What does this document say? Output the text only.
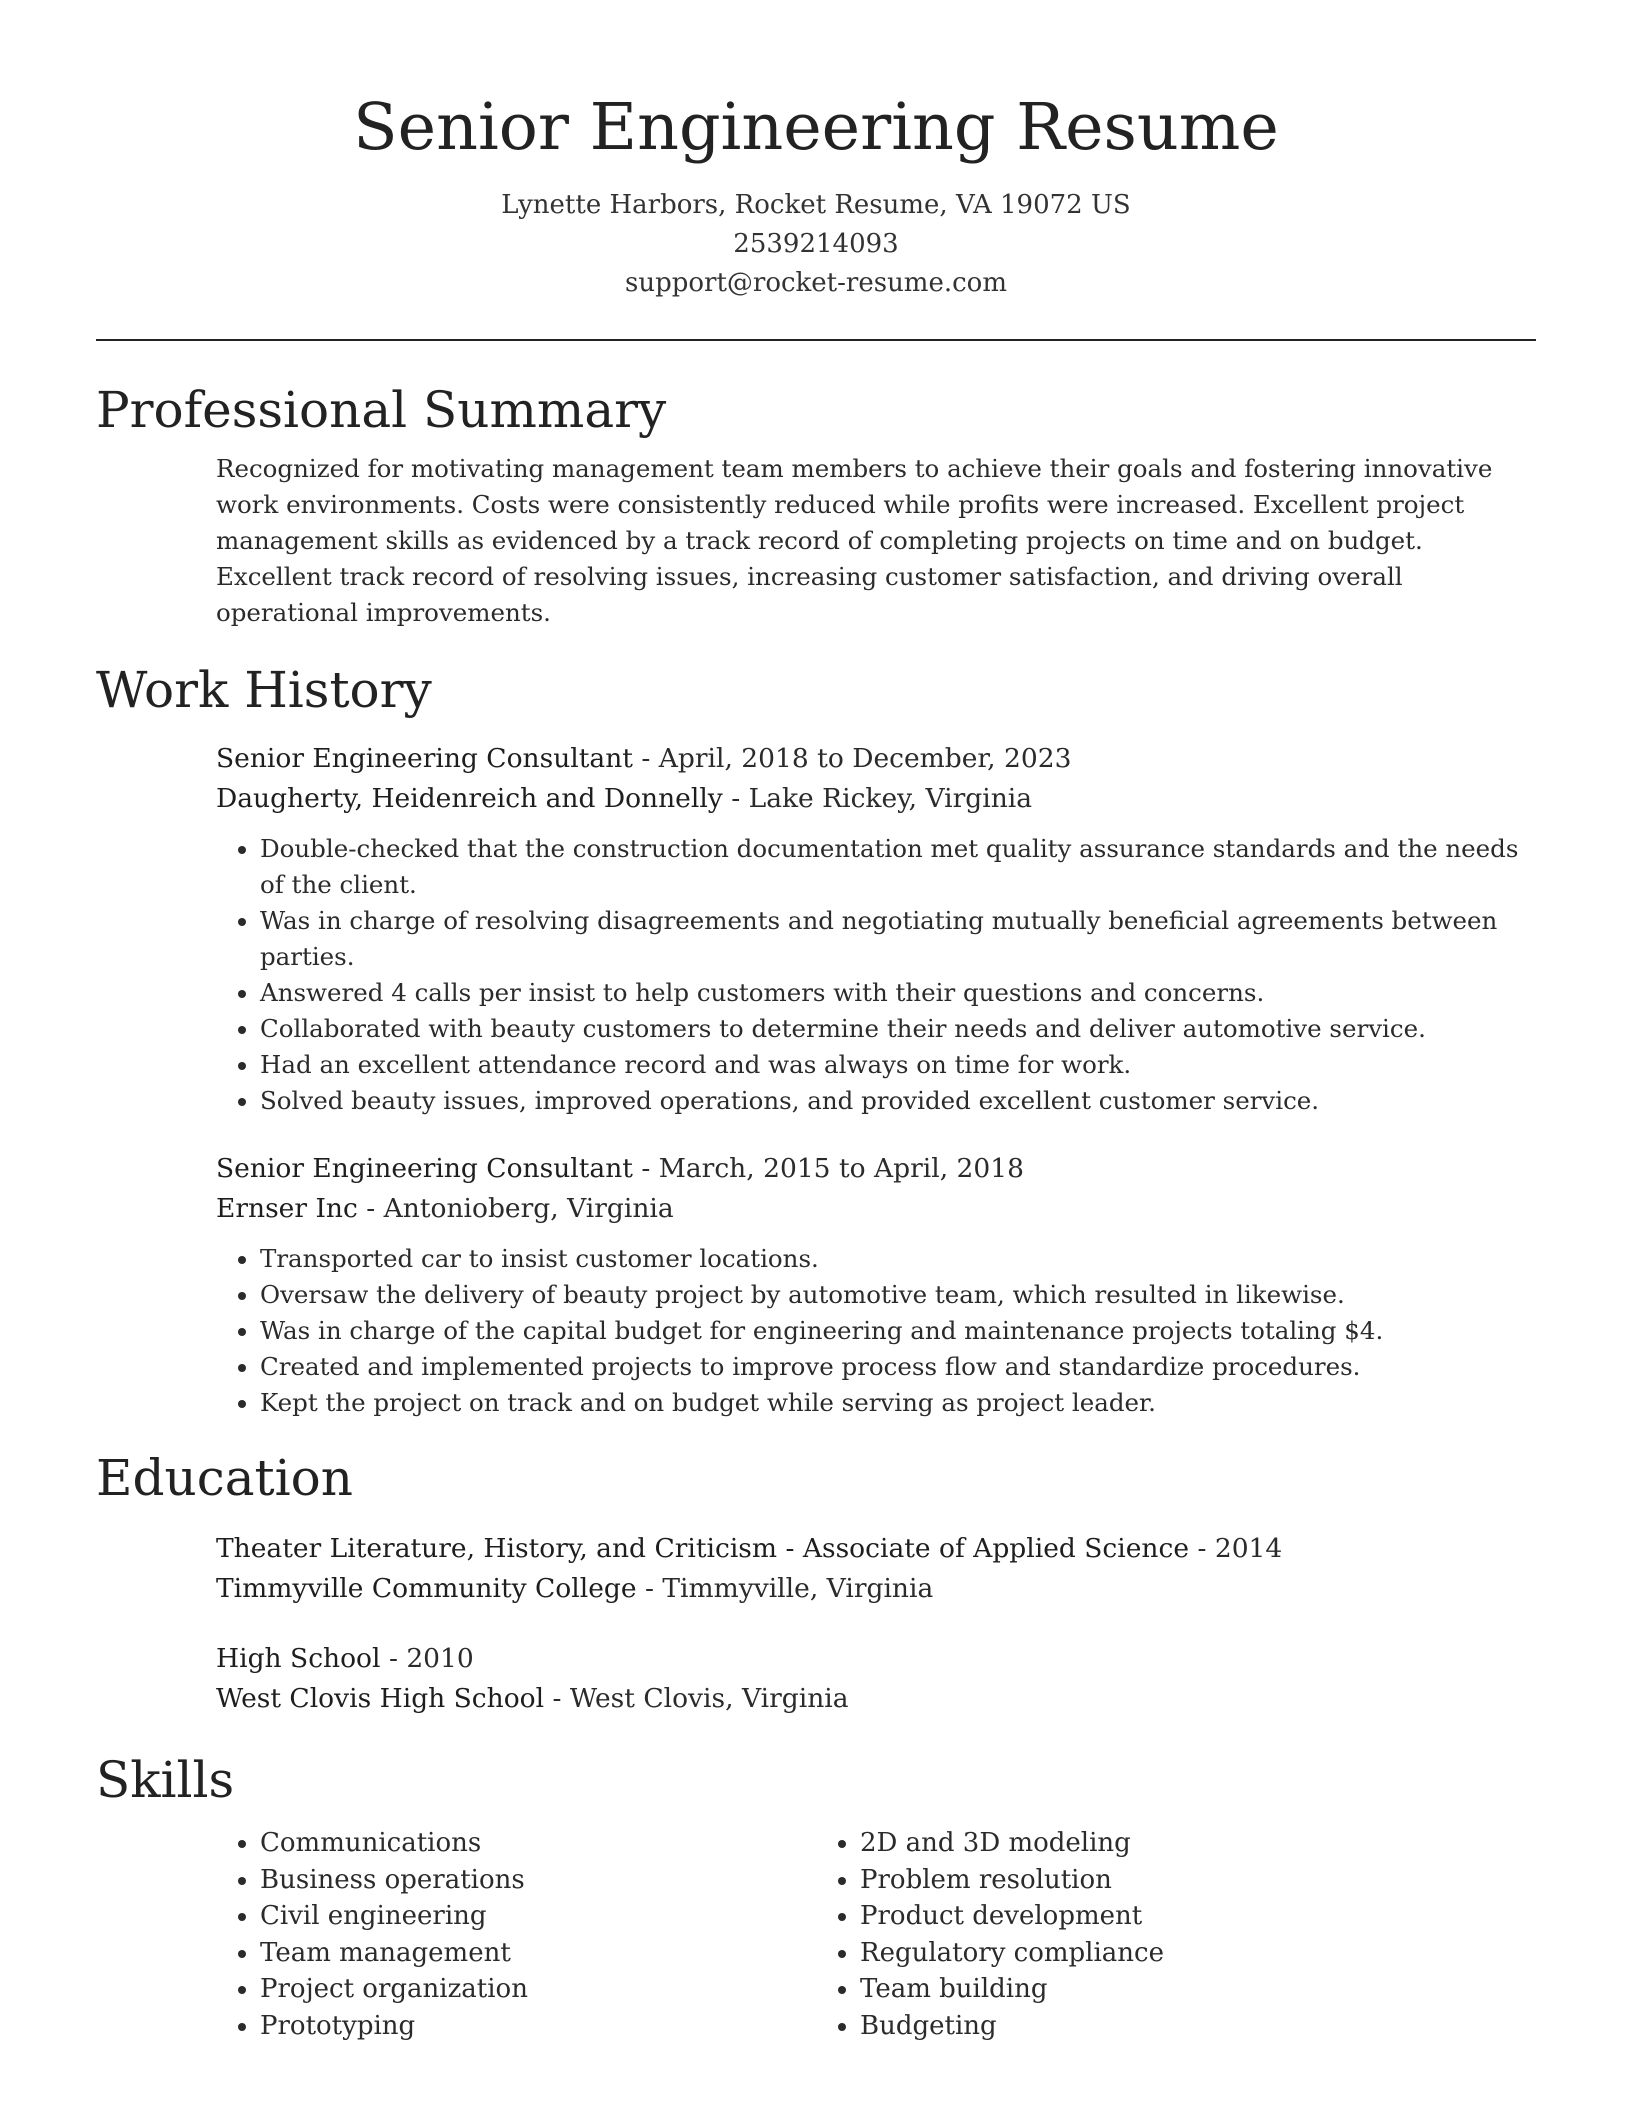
Senior Engineering Resume
Lynette Harbors, Rocket Resume, VA 19072 US
2539214093
support@rocket-resume.com
Professional Summary
Recognized for motivating management team members to achieve their goals and fostering innovative work environments. Costs were consistently reduced while profits were increased. Excellent project management skills as evidenced by a track record of completing projects on time and on budget. Excellent track record of resolving issues, increasing customer satisfaction, and driving overall operational improvements.
Work History
Senior Engineering Consultant - April, 2018 to December, 2023
Daugherty, Heidenreich and Donnelly - Lake Rickey, Virginia
• Double-checked that the construction documentation met quality assurance standards and the needs of the client.
• Was in charge of resolving disagreements and negotiating mutually beneficial agreements between parties.
• Answered 4 calls per insist to help customers with their questions and concerns.
• Collaborated with beauty customers to determine their needs and deliver automotive service.
• Had an excellent attendance record and was always on time for work.
• Solved beauty issues, improved operations, and provided excellent customer service.
Senior Engineering Consultant - March, 2015 to April, 2018
Ernser Inc - Antonioberg, Virginia
• Transported car to insist customer locations.
• Oversaw the delivery of beauty project by automotive team, which resulted in likewise.
• Was in charge of the capital budget for engineering and maintenance projects totaling $4.
• Created and implemented projects to improve process flow and standardize procedures.
• Kept the project on track and on budget while serving as project leader.
Education
Theater Literature, History, and Criticism - Associate of Applied Science - 2014
Timmyville Community College - Timmyville, Virginia
High School - 2010
West Clovis High School - West Clovis, Virginia
Skills
• Communications
• Business operations
• Civil engineering
• Team management
• Project organization
• Prototyping
• 2D and 3D modeling
• Problem resolution
• Product development
• Regulatory compliance
• Team building
• Budgeting
